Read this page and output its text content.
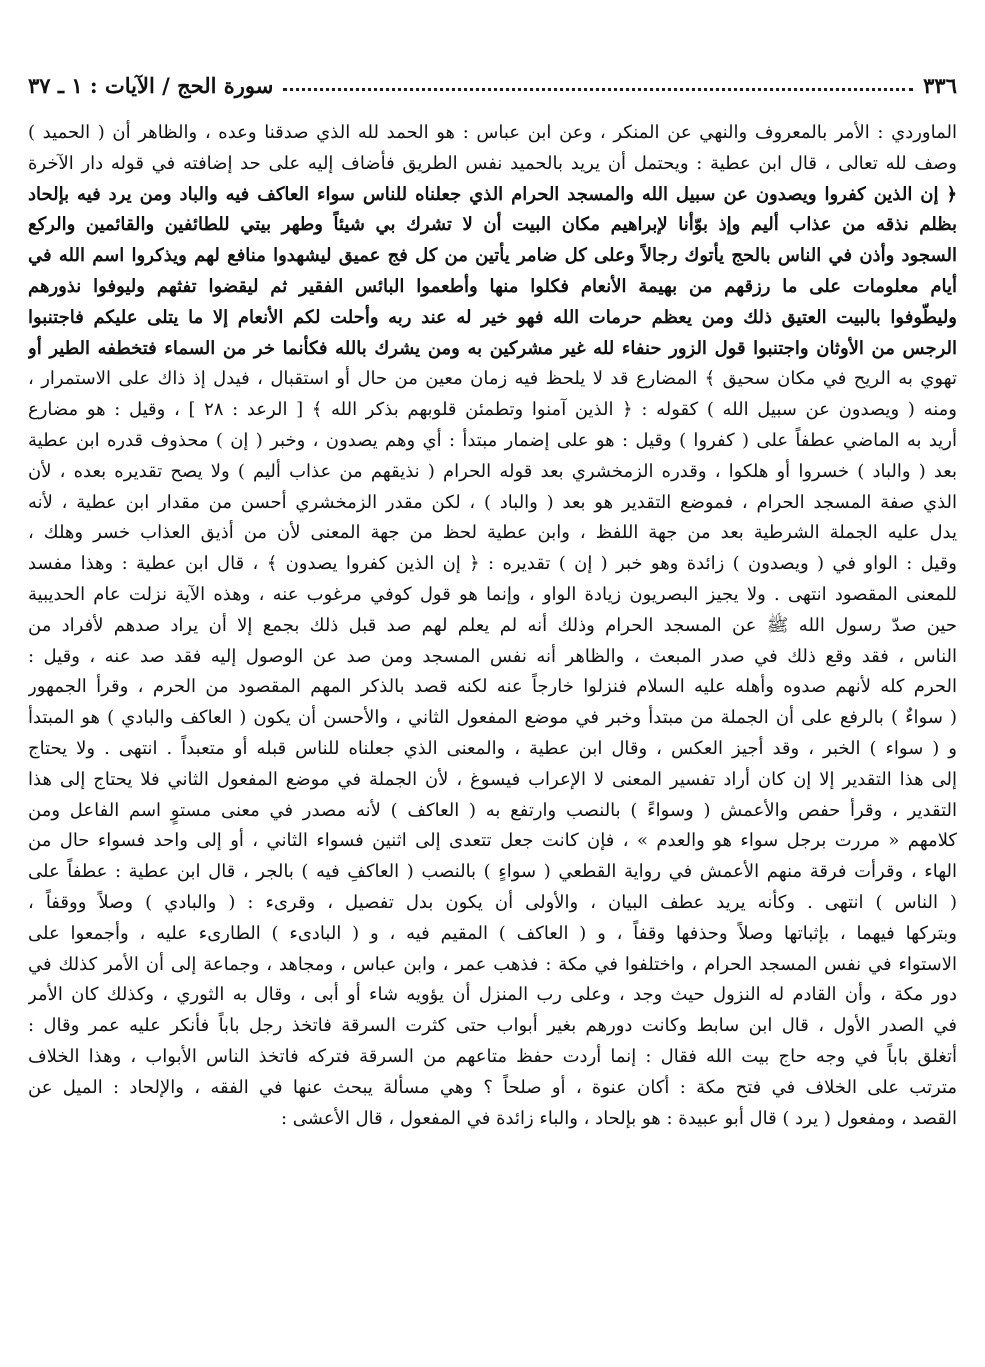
٣٣٦
سورة الحج / الآيات : ١ ـ ٣٧
الماوردي : الأمر بالمعروف والنهي عن المنكر ، وعن ابن عباس : هو الحمد لله الذي صدقنا وعده ، والظاهر أن ( الحميد )
وصف لله تعالى ، قال ابن عطية : ويحتمل أن يريد بالحميد نفس الطريق فأضاف إليه على حد إضافته في قوله دار الآخرة
﴿ إن الذين كفروا ويصدون عن سبيل الله والمسجد الحرام الذي جعلناه للناس سواء العاكف فيه والباد ومن يرد فيه بإلحاد
بظلم نذقه من عذاب أليم وإذ بوّأنا لإبراهيم مكان البيت أن لا تشرك بي شيئاً وطهر بيتي للطائفين والقائمين والركع
السجود وأذن في الناس بالحج يأتوك رجالاً وعلى كل ضامر يأتين من كل فج عميق ليشهدوا منافع لهم ويذكروا اسم الله في
أيام معلومات على ما رزقهم من بهيمة الأنعام فكلوا منها وأطعموا البائس الفقير ثم ليقضوا تفثهم وليوفوا نذورهم
وليطّوفوا بالبيت العتيق ذلك ومن يعظم حرمات الله فهو خير له عند ربه وأحلت لكم الأنعام إلا ما يتلى عليكم فاجتنبوا
الرجس من الأوثان واجتنبوا قول الزور حنفاء لله غير مشركين به ومن يشرك بالله فكأنما خر من السماء فتخطفه الطير أو
تهوي به الريح في مكان سحيق ﴾ المضارع قد لا يلحظ فيه زمان معين من حال أو استقبال ، فيدل إذ ذاك على الاستمرار ،
ومنه ( ويصدون عن سبيل الله ) كقوله : ﴿ الذين آمنوا وتطمئن قلوبهم بذكر الله ﴾ [ الرعد : ٢٨ ] ، وقيل : هو مضارع
أريد به الماضي عطفاً على ( كفروا ) وقيل : هو على إضمار مبتدأ : أي وهم يصدون ، وخبر ( إن ) محذوف قدره ابن عطية
بعد ( والباد ) خسروا أو هلكوا ، وقدره الزمخشري بعد قوله الحرام ( نذيقهم من عذاب أليم ) ولا يصح تقديره بعده ، لأن
الذي صفة المسجد الحرام ، فموضع التقدير هو بعد ( والباد ) ، لكن مقدر الزمخشري أحسن من مقدار ابن عطية ، لأنه
يدل عليه الجملة الشرطية بعد من جهة اللفظ ، وابن عطية لحظ من جهة المعنى لأن من أذيق العذاب خسر وهلك ،
وقيل : الواو في ( ويصدون ) زائدة وهو خبر ( إن ) تقديره : ﴿ إن الذين كفروا يصدون ﴾ ، قال ابن عطية : وهذا مفسد
للمعنى المقصود انتهى . ولا يجيز البصريون زيادة الواو ، وإنما هو قول كوفي مرغوب عنه ، وهذه الآية نزلت عام الحديبية
حين صدّ رسول الله ﷺ عن المسجد الحرام وذلك أنه لم يعلم لهم صد قبل ذلك بجمع إلا أن يراد صدهم لأفراد من
الناس ، فقد وقع ذلك في صدر المبعث ، والظاهر أنه نفس المسجد ومن صد عن الوصول إليه فقد صد عنه ، وقيل :
الحرم كله لأنهم صدوه وأهله عليه السلام فنزلوا خارجاً عنه لكنه قصد بالذكر المهم المقصود من الحرم ، وقرأ الجمهور
( سواءٌ ) بالرفع على أن الجملة من مبتدأ وخبر في موضع المفعول الثاني ، والأحسن أن يكون ( العاكف والبادي ) هو المبتدأ
و ( سواء ) الخبر ، وقد أجيز العكس ، وقال ابن عطية ، والمعنى الذي جعلناه للناس قبله أو متعبداً . انتهى . ولا يحتاج
إلى هذا التقدير إلا إن كان أراد تفسير المعنى لا الإعراب فيسوغ ، لأن الجملة في موضع المفعول الثاني فلا يحتاج إلى هذا
التقدير ، وقرأ حفص والأعمش ( وسواءً ) بالنصب وارتفع به ( العاكف ) لأنه مصدر في معنى مستوٍ اسم الفاعل ومن
كلامهم « مررت برجل سواء هو والعدم » ، فإن كانت جعل تتعدى إلى اثنين فسواء الثاني ، أو إلى واحد فسواء حال من
الهاء ، وقرأت فرقة منهم الأعمش في رواية القطعي ( سواءٍ ) بالنصب ( العاكفِ فيه ) بالجر ، قال ابن عطية : عطفاً على
( الناس ) انتهى . وكأنه يريد عطف البيان ، والأولى أن يكون بدل تفصيل ، وقرىء : ( والبادي ) وصلاً ووقفاً ،
وبتركها فيهما ، بإثباتها وصلاً وحذفها وقفاً ، و ( العاكف ) المقيم فيه ، و ( البادىء ) الطارىء عليه ، وأجمعوا على
الاستواء في نفس المسجد الحرام ، واختلفوا في مكة : فذهب عمر ، وابن عباس ، ومجاهد ، وجماعة إلى أن الأمر كذلك في
دور مكة ، وأن القادم له النزول حيث وجد ، وعلى رب المنزل أن يؤويه شاء أو أبى ، وقال به الثوري ، وكذلك كان الأمر
في الصدر الأول ، قال ابن سابط وكانت دورهم بغير أبواب حتى كثرت السرقة فاتخذ رجل باباً فأنكر عليه عمر وقال :
أتغلق باباً في وجه حاج بيت الله فقال : إنما أردت حفظ متاعهم من السرقة فتركه فاتخذ الناس الأبواب ، وهذا الخلاف
مترتب على الخلاف في فتح مكة : أكان عنوة ، أو صلحاً ؟ وهي مسألة يبحث عنها في الفقه ، والإلحاد : الميل عن
القصد ، ومفعول ( يرد ) قال أبو عبيدة : هو بإلحاد ، والباء زائدة في المفعول ، قال الأعشى :
